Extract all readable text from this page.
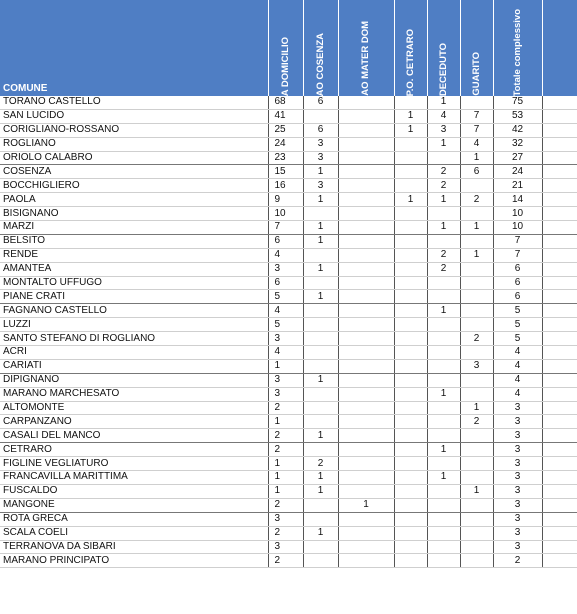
COMUNE	A DOMICILIO	AO COSENZA	AO MATER DOM	P.O. CETRARO	DECEDUTO	GUARITO	Totale complessivo	

TORANO CASTELLO	68	6			1		75	
SAN LUCIDO	41			1	4	7	53	
CORIGLIANO-ROSSANO	25	6		1	3	7	42	
ROGLIANO	24	3			1	4	32	
ORIOLO CALABRO	23	3				1	27	
COSENZA	15	1			2	6	24	
BOCCHIGLIERO	16	3			2		21	
PAOLA	9	1		1	1	2	14	
BISIGNANO	10						10	
MARZI	7	1			1	1	10	
BELSITO	6	1					7	
RENDE	4				2	1	7	
AMANTEA	3	1			2		6	
MONTALTO UFFUGO	6						6	
PIANE CRATI	5	1					6	
FAGNANO CASTELLO	4				1		5	
LUZZI	5						5	
SANTO STEFANO DI ROGLIANO	3					2	5	
ACRI	4						4	
CARIATI	1					3	4	
DIPIGNANO	3	1					4	
MARANO MARCHESATO	3				1		4	
ALTOMONTE	2					1	3	
CARPANZANO	1					2	3	
CASALI DEL MANCO	2	1					3	
CETRARO	2				1		3	
FIGLINE VEGLIATURO	1	2					3	
FRANCAVILLA MARITTIMA	1	1			1		3	
FUSCALDO	1	1				1	3	
MANGONE	2		1				3	
ROTA GRECA	3						3	
SCALA COELI	2	1					3	
TERRANOVA DA SIBARI	3						3	
MARANO PRINCIPATO	2						2	
